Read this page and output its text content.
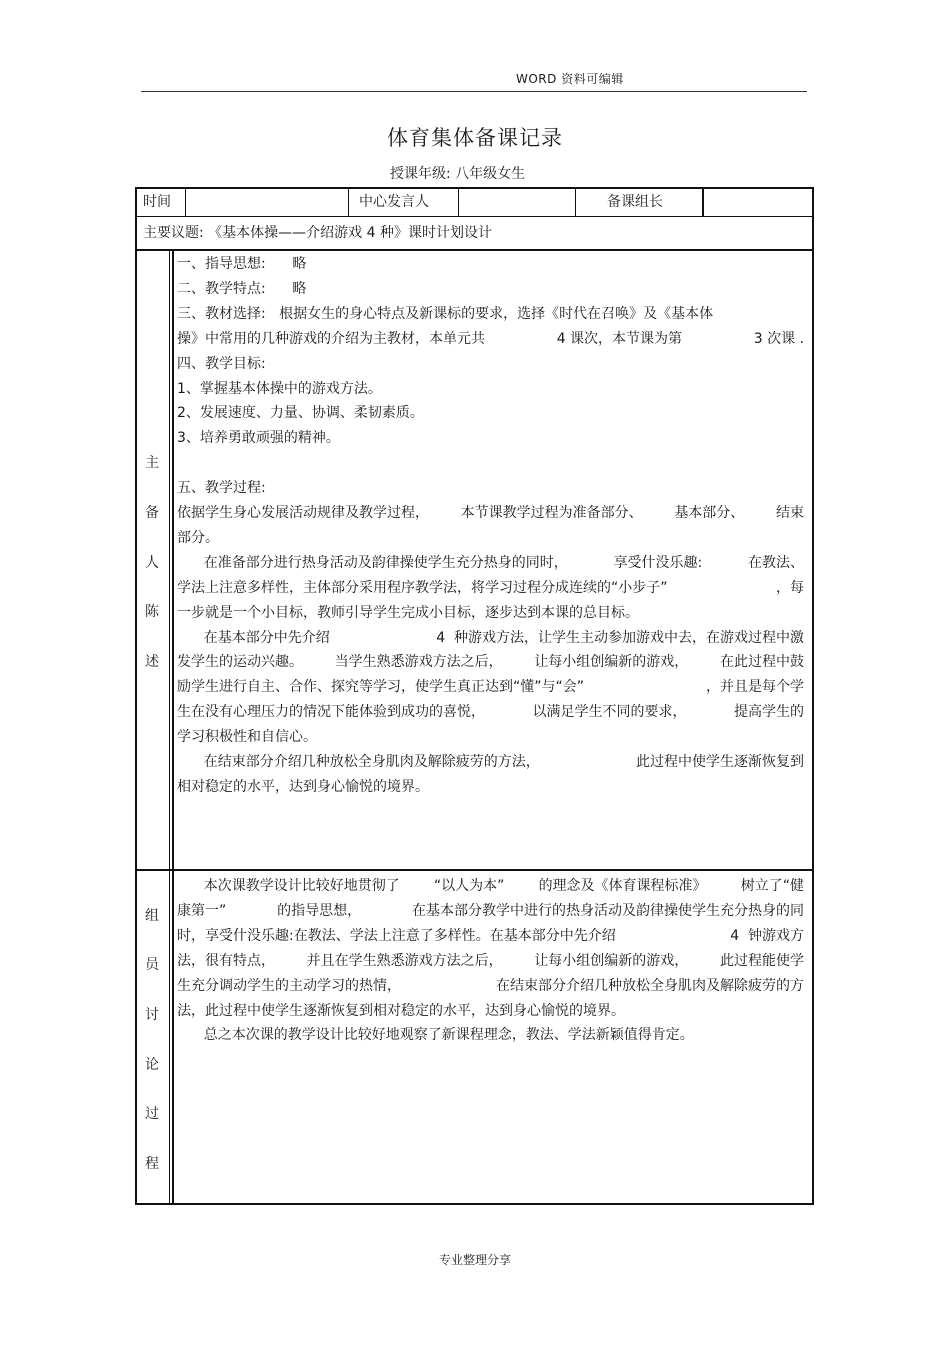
WORD 资料可编辑
体育集体备课记录
授课年级: 八年级女生
时间	中心发言人	备课组长
主要议题: 《基本体操——介绍游戏 4 种》课时计划设计
主
备
人
陈
述
一、指导思想:      略
二、教学特点:      略
三、教材选择:   根据女生的身心特点及新课标的要求，选择《时代在召唤》及《基本体
操》中常用的几种游戏的介绍为主教材，本单元共	4 课次，本节课为第	3 次课 .
四、教学目标:
1、掌握基本体操中的游戏方法。
2、发展速度、力量、协调、柔韧素质。
3、培养勇敢顽强的精神。
五、教学过程:
依据学生身心发展活动规律及教学过程， 本节课教学过程为准备部分、 基本部分、 结束
部分。
在准备部分进行热身活动及韵律操使学生充分热身的同时，	享受什没乐趣:	在教法、
学法上注意多样性，主体部分采用程序教学法，将学习过程分成连续的“小步子”	，每
一步就是一个小目标，教师引导学生完成小目标，逐步达到本课的总目标。
在基本部分中先介绍	4  种游戏方法，让学生主动参加游戏中去，在游戏过程中激
发学生的运动兴趣。 当学生熟悉游戏方法之后， 让每小组创编新的游戏， 在此过程中鼓
励学生进行自主、合作、探究等学习，使学生真正达到“懂”与“会”	，并且是每个学
生在没有心理压力的情况下能体验到成功的喜悦，	以满足学生不同的要求，	提高学生的
学习积极性和自信心。
在结束部分介绍几种放松全身肌肉及解除疲劳的方法，	此过程中使学生逐渐恢复到
相对稳定的水平，达到身心愉悦的境界。
组
员
讨
论
过
程
本次课教学设计比较好地贯彻了 “以人为本” 的理念及《体育课程标准》 树立了“健
康第一”	的指导思想，	在基本部分教学中进行的热身活动及韵律操使学生充分热身的同
时，享受什没乐趣:在教法、学法上注意了多样性。在基本部分中先介绍	4  钟游戏方
法，很有特点， 并且在学生熟悉游戏方法之后， 让每小组创编新的游戏， 此过程能使学
生充分调动学生的主动学习的热情，	在结束部分介绍几种放松全身肌肉及解除疲劳的方
法，此过程中使学生逐渐恢复到相对稳定的水平，达到身心愉悦的境界。
总之本次课的教学设计比较好地观察了新课程理念，教法、学法新颖值得肯定。
专业整理分享
